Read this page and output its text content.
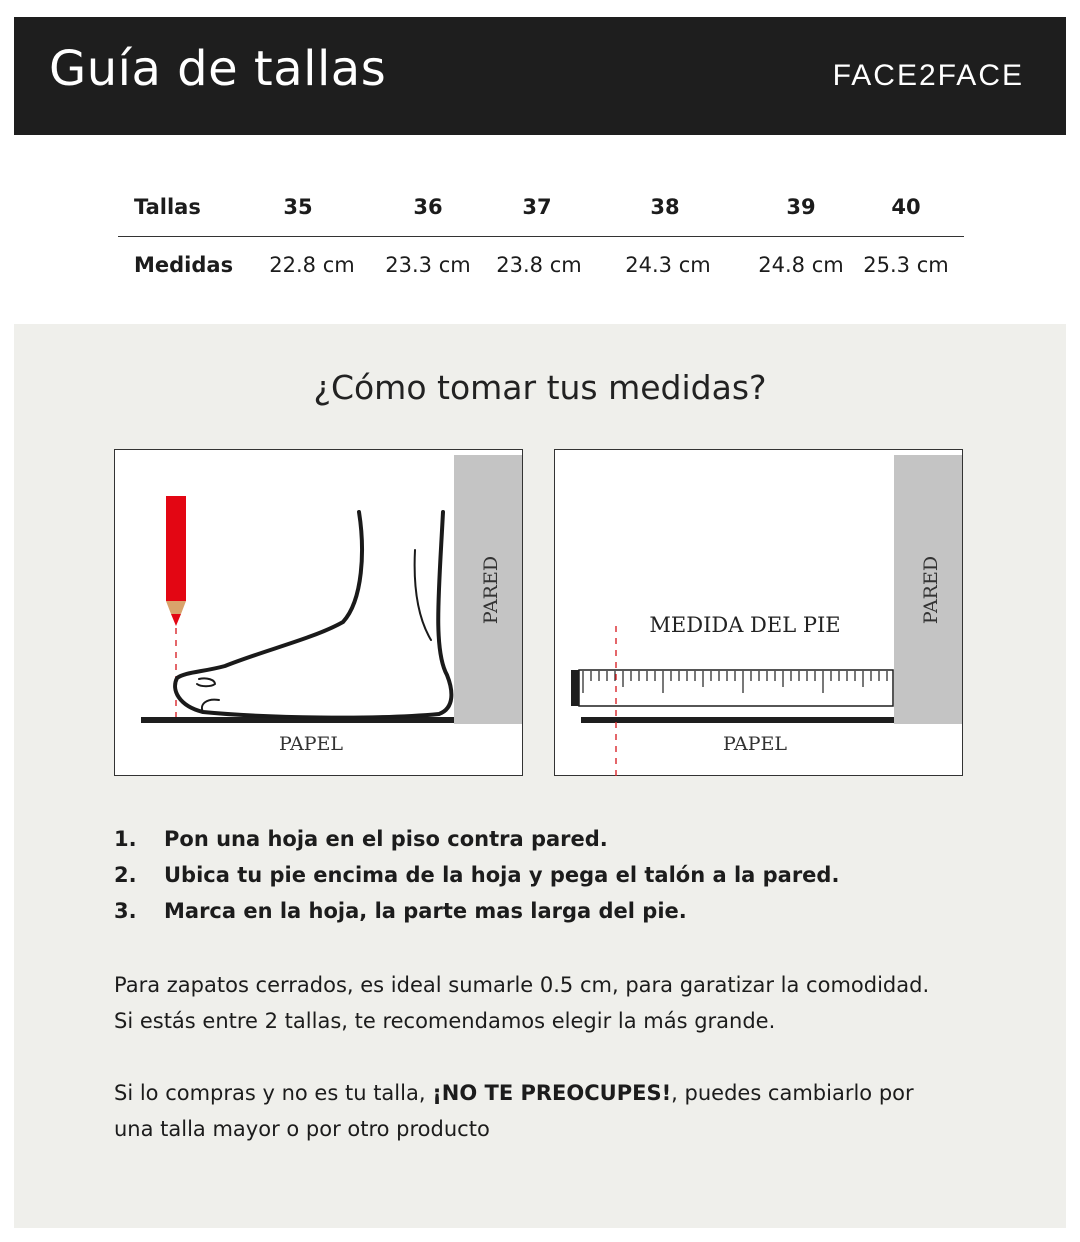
Guía de tallas	FACE2FACE
Tallas	35	36	37	38	39	40
Medidas 22.8 cm 23.3 cm 23.8 cm 24.3 cm 24.8 cm 25.3 cm
¿Cómo tomar tus medidas?
PARED
PAPEL
PARED
MEDIDA DEL PIE
PAPEL
1. Pon una hoja en el piso contra pared.
2. Ubica tu pie encima de la hoja y pega el talón a la pared.
3. Marca en la hoja, la parte mas larga del pie.

Para zapatos cerrados, es ideal sumarle 0.5 cm, para garatizar la comodidad.

Si estás entre 2 tallas, te recomendamos elegir la más grande.

Si lo compras y no es tu talla, ¡NO TE PREOCUPES!, puedes cambiarlo por una talla mayor o por otro producto
